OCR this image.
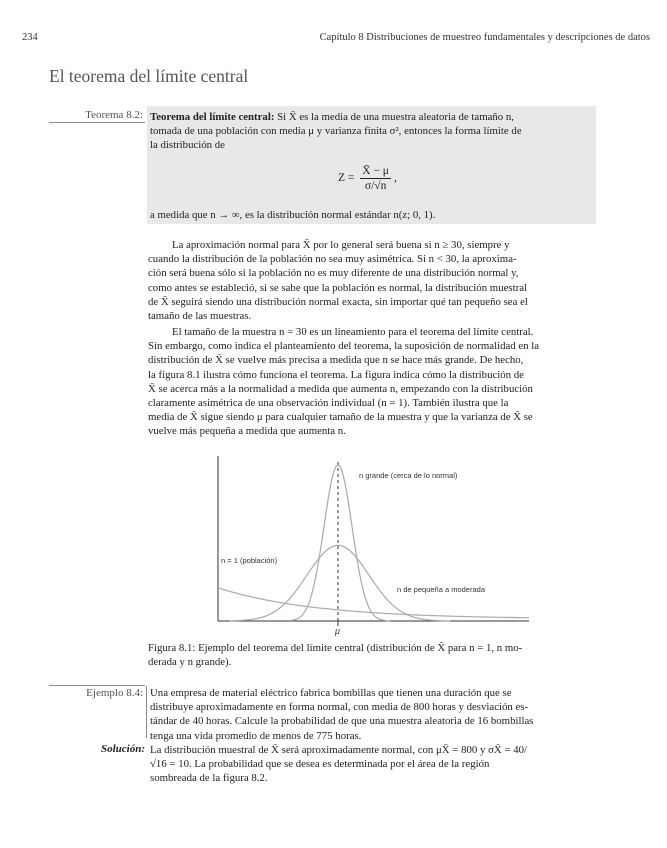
234	Capítulo 8 Distribuciones de muestreo fundamentales y descripciones de datos
El teorema del límite central
Teorema 8.2: Teorema del límite central: Si X̄ es la media de una muestra aleatoria de tamaño n,

tomada de una población con media μ y varianza finita σ², entonces la forma límite de

la distribución de

$Z = \frac{X̄ - \mu}{\sigma/√n}$ ,
a medida que n → ∞, es la distribución normal estándar n(z; 0, 1).

La aproximación normal para X̄ por lo general será buena si n ≥ 30, siempre y

cuando la distribución de la población no sea muy asimétrica. Si n < 30, la aproxima-

ción será buena sólo si la población no es muy diferente de una distribución normal y,

como antes se estableció, si se sabe que la población es normal, la distribución muestral

de X̄ seguirá siendo una distribución normal exacta, sin importar qué tan pequeño sea el

tamaño de las muestras.

El tamaño de la muestra n = 30 es un lineamiento para el teorema del límite central.

Sin embargo, como indica el planteamiento del teorema, la suposición de normalidad en la

distribución de X̄ se vuelve más precisa a medida que n se hace más grande. De hecho,

la figura 8.1 ilustra cómo funciona el teorema. La figura indica cómo la distribución de

X̄ se acerca más a la normalidad a medida que aumenta n, empezando con la distribución

claramente asimétrica de una observación individual (n = 1). También ilustra que la

media de X̄ sigue siendo μ para cualquier tamaño de la muestra y que la varianza de X̄ se

vuelve más pequeña a medida que aumenta n.

n grande (cerca de lo normal)
n = 1 (población)
n de pequeña a moderada
μ
Figura 8.1: Ejemplo del teorema del límite central (distribución de X̄ para n = 1, n mo-
derada y n grande).
Ejemplo 8.4: Una empresa de material eléctrico fabrica bombillas que tienen una duración que se

distribuye aproximadamente en forma normal, con media de 800 horas y desviación es-

tándar de 40 horas. Calcule la probabilidad de que una muestra aleatoria de 16 bombillas

tenga una vida promedio de menos de 775 horas.

Solución: La distribución muestral de X̄ será aproximadamente normal, con μX̄ = 800 y σX̄ = 40/

√16 = 10. La probabilidad que se desea es determinada por el área de la región

sombreada de la figura 8.2.
